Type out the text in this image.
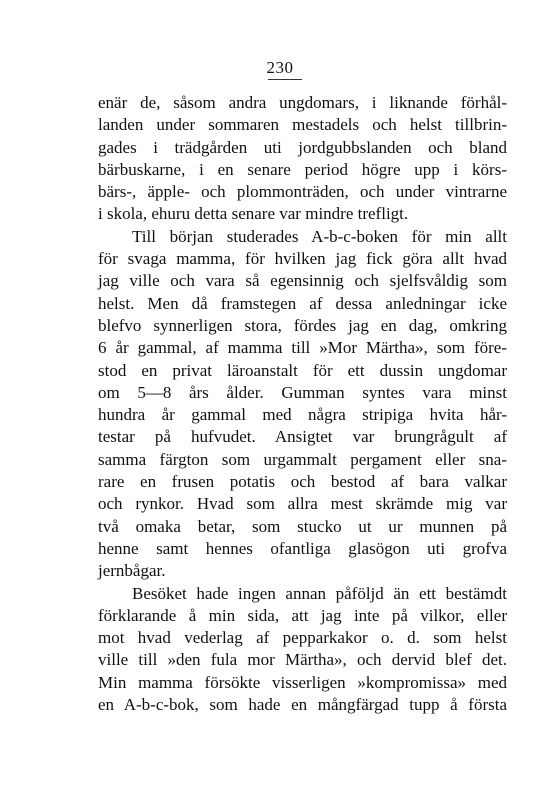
230
enär de, såsom andra ungdomars, i liknande förhål-
landen under sommaren mestadels och helst tillbrin-
gades i trädgården uti jordgubbslanden och bland
bärbuskarne, i en senare period högre upp i körs-
bärs-, äpple- och plommonträden, och under vintrarne
i skola, ehuru detta senare var mindre trefligt.
Till början studerades A-b-c-boken för min allt
för svaga mamma, för hvilken jag fick göra allt hvad
jag ville och vara så egensinnig och sjelfsvåldig som
helst. Men då framstegen af dessa anledningar icke
blefvo synnerligen stora, fördes jag en dag, omkring
6 år gammal, af mamma till »Mor Märtha», som före-
stod en privat läroanstalt för ett dussin ungdomar
om 5—8 års ålder. Gumman syntes vara minst
hundra år gammal med några stripiga hvita hår-
testar på hufvudet. Ansigtet var brungrågult af
samma färgton som urgammalt pergament eller sna-
rare en frusen potatis och bestod af bara valkar
och rynkor. Hvad som allra mest skrämde mig var
två omaka betar, som stucko ut ur munnen på
henne samt hennes ofantliga glasögon uti grofva
jernbågar.
Besöket hade ingen annan påföljd än ett bestämdt
förklarande å min sida, att jag inte på vilkor, eller
mot hvad vederlag af pepparkakor o. d. som helst
ville till »den fula mor Märtha», och dervid blef det.
Min mamma försökte visserligen »kompromissa» med
en A-b-c-bok, som hade en mångfärgad tupp å första
